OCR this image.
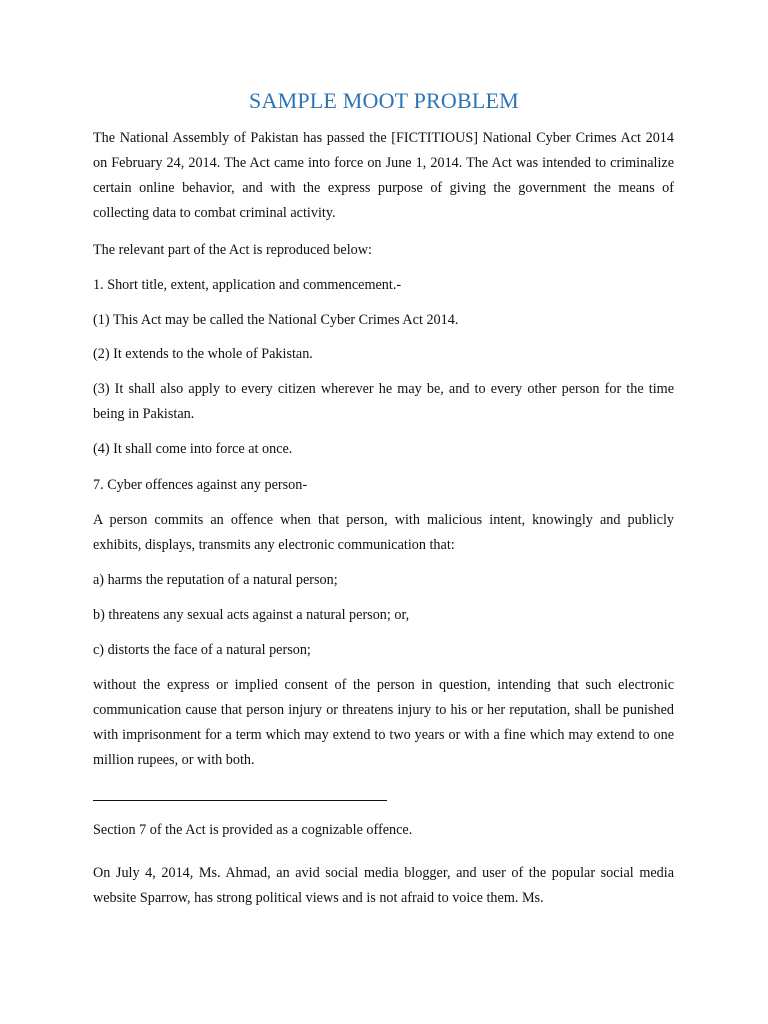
SAMPLE MOOT PROBLEM

The National Assembly of Pakistan has passed the [FICTITIOUS] National Cyber Crimes Act 2014 on February 24, 2014. The Act came into force on June 1, 2014. The Act was intended to criminalize certain online behavior, and with the express purpose of giving the government the means of collecting data to combat criminal activity.

The relevant part of the Act is reproduced below:

1. Short title, extent, application and commencement.-

(1) This Act may be called the National Cyber Crimes Act 2014.

(2) It extends to the whole of Pakistan.

(3) It shall also apply to every citizen wherever he may be, and to every other person for the time being in Pakistan.

(4) It shall come into force at once.

7. Cyber offences against any person-

A person commits an offence when that person, with malicious intent, knowingly and publicly exhibits, displays, transmits any electronic communication that:

a) harms the reputation of a natural person;

b) threatens any sexual acts against a natural person; or,

c) distorts the face of a natural person;

without the express or implied consent of the person in question, intending that such electronic communication cause that person injury or threatens injury to his or her reputation, shall be punished with imprisonment for a term which may extend to two years or with a fine which may extend to one million rupees, or with both.

Section 7 of the Act is provided as a cognizable offence.

On July 4, 2014, Ms. Ahmad, an avid social media blogger, and user of the popular social media website Sparrow, has strong political views and is not afraid to voice them. Ms.
